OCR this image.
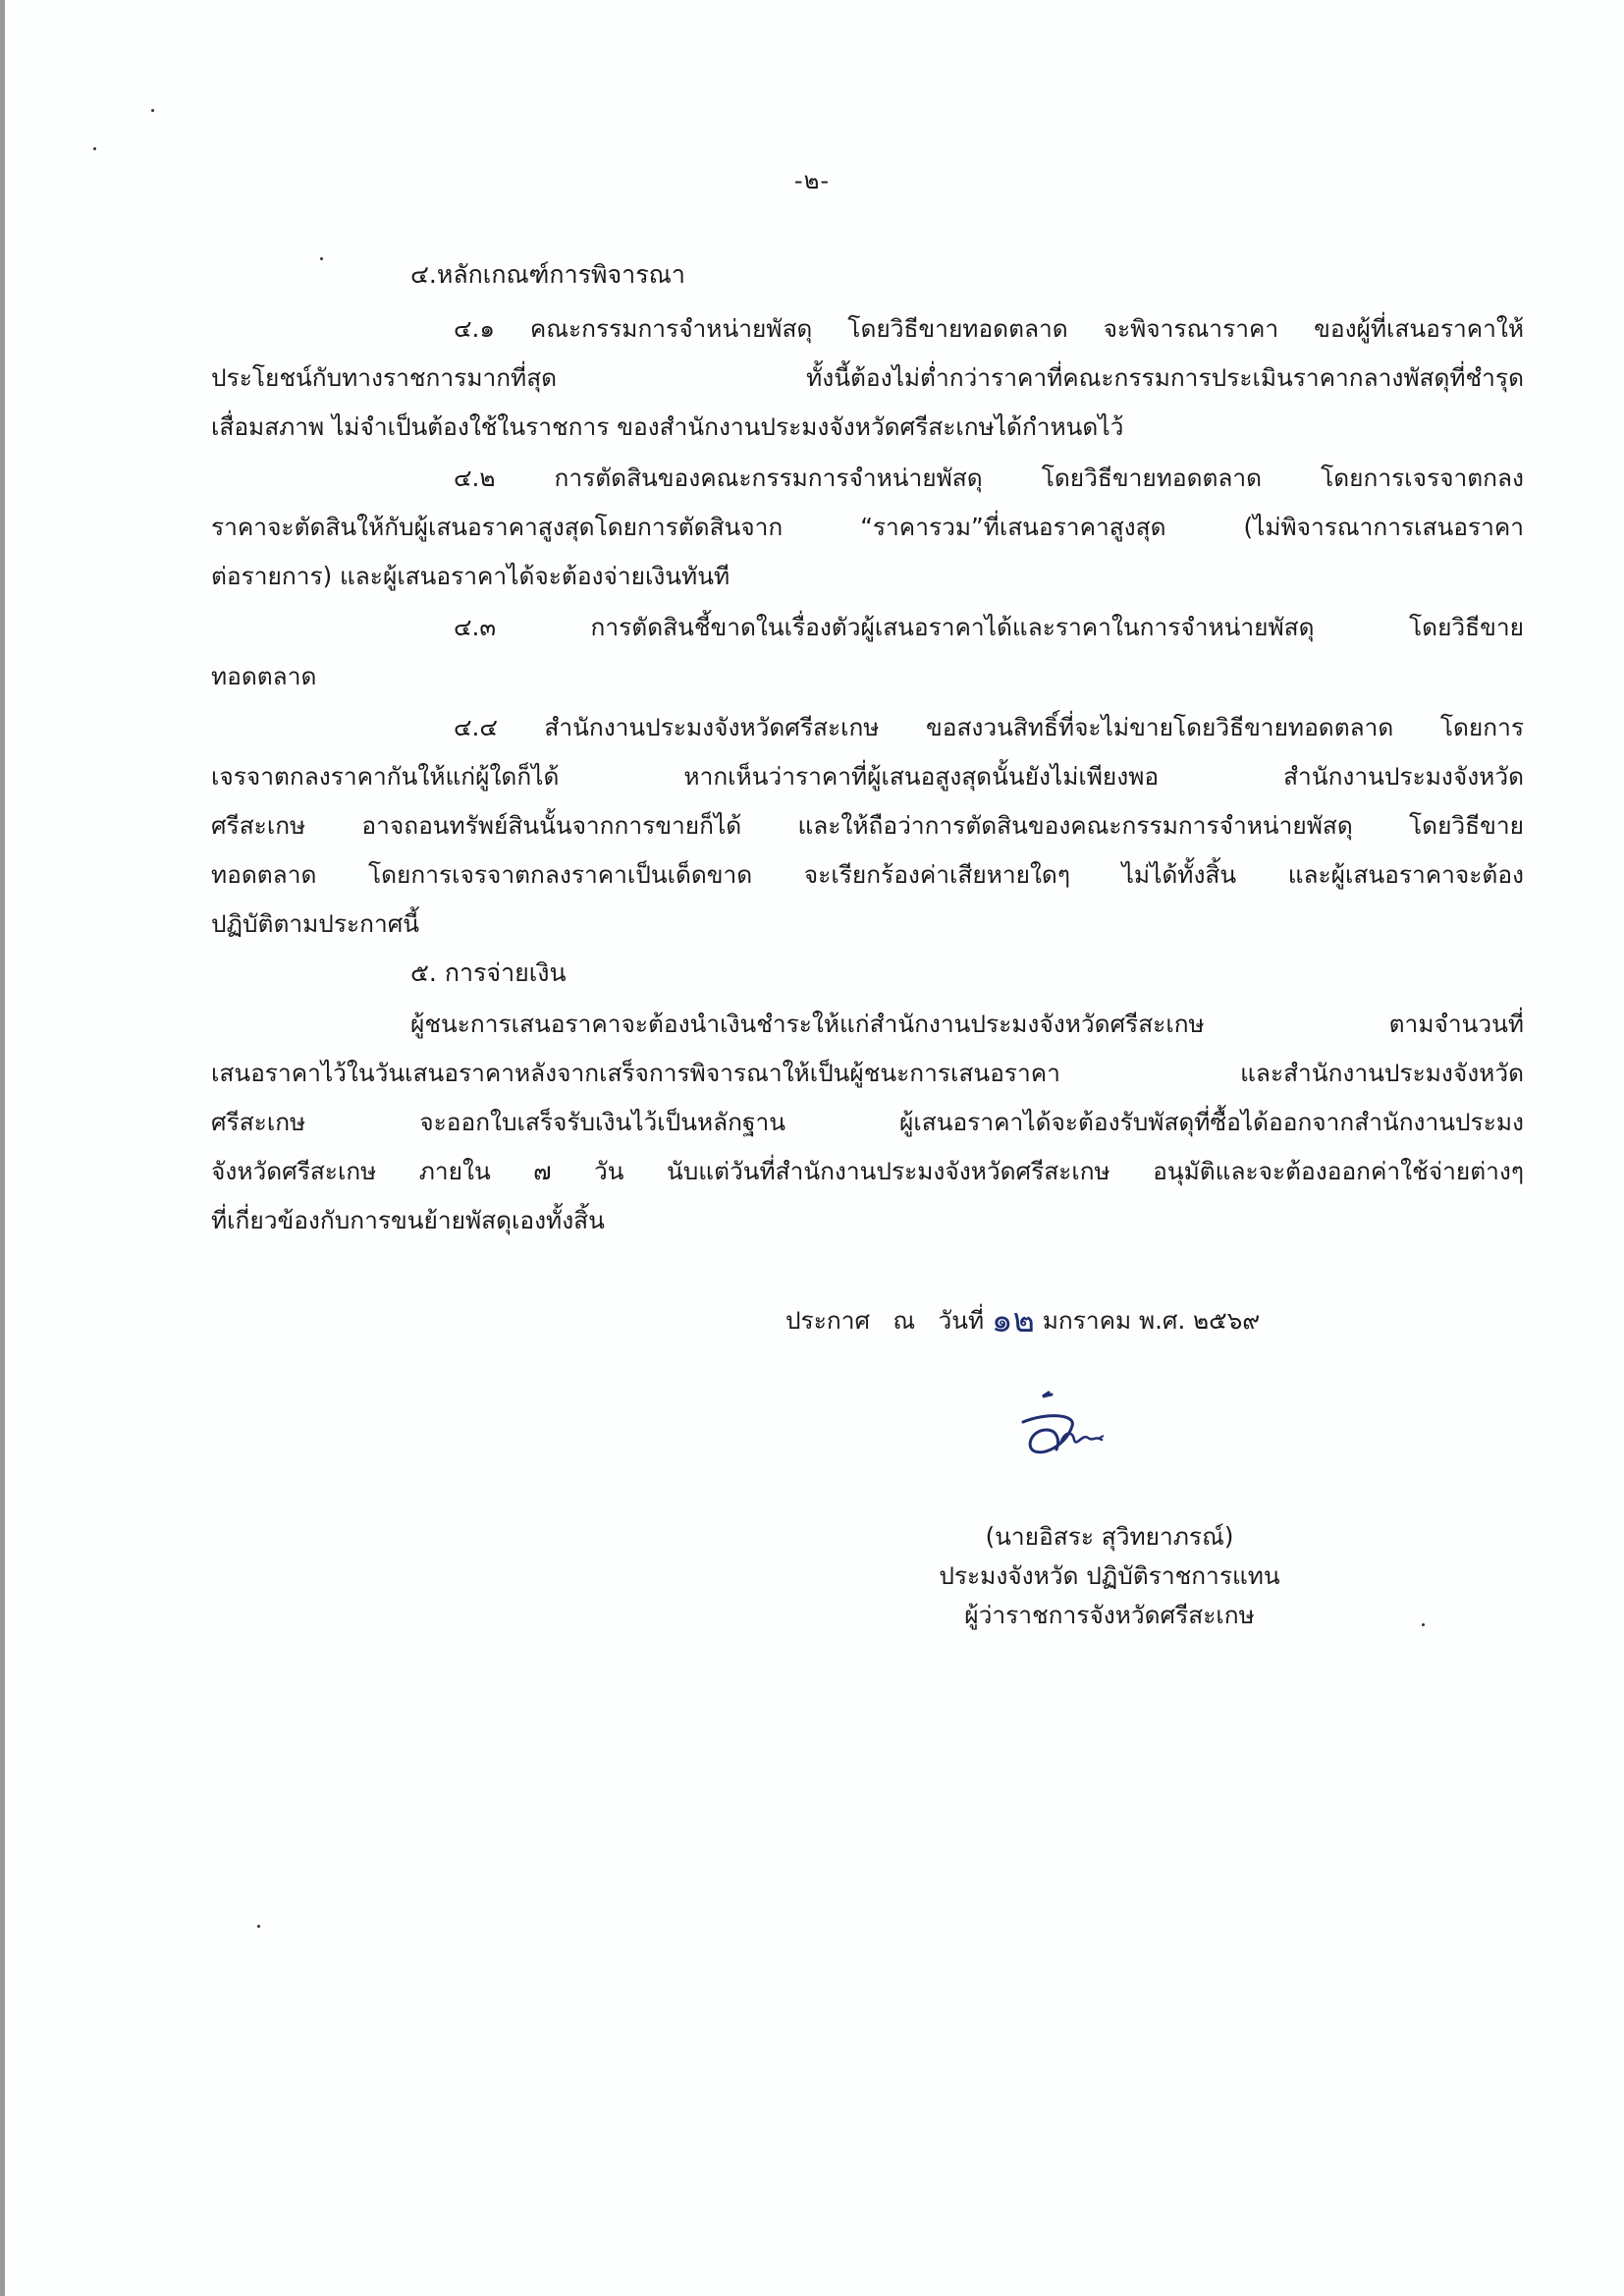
-๒-
๔.หลักเกณฑ์การพิจารณา
๔.๑ คณะกรรมการจำหน่ายพัสดุ โดยวิธีขายทอดตลาด จะพิจารณาราคา ของผู้ที่เสนอราคาให้
ประโยชน์กับทางราชการมากที่สุด ทั้งนี้ต้องไม่ต่ำกว่าราคาที่คณะกรรมการประเมินราคากลางพัสดุที่ชำรุด
เสื่อมสภาพ ไม่จำเป็นต้องใช้ในราชการ ของสำนักงานประมงจังหวัดศรีสะเกษได้กำหนดไว้
๔.๒ การตัดสินของคณะกรรมการจำหน่ายพัสดุ โดยวิธีขายทอดตลาด โดยการเจรจาตกลง
ราคาจะตัดสินให้กับผู้เสนอราคาสูงสุดโดยการตัดสินจาก “ราคารวม”ที่เสนอราคาสูงสุด (ไม่พิจารณาการเสนอราคา
ต่อรายการ) และผู้เสนอราคาได้จะต้องจ่ายเงินทันที
๔.๓ การตัดสินชี้ขาดในเรื่องตัวผู้เสนอราคาได้และราคาในการจำหน่ายพัสดุ โดยวิธีขาย
ทอดตลาด
๔.๔ สำนักงานประมงจังหวัดศรีสะเกษ ขอสงวนสิทธิ์ที่จะไม่ขายโดยวิธีขายทอดตลาด โดยการ
เจรจาตกลงราคากันให้แก่ผู้ใดก็ได้ หากเห็นว่าราคาที่ผู้เสนอสูงสุดนั้นยังไม่เพียงพอ สำนักงานประมงจังหวัด
ศรีสะเกษ อาจถอนทรัพย์สินนั้นจากการขายก็ได้ และให้ถือว่าการตัดสินของคณะกรรมการจำหน่ายพัสดุ โดยวิธีขาย
ทอดตลาด โดยการเจรจาตกลงราคาเป็นเด็ดขาด จะเรียกร้องค่าเสียหายใดๆ ไม่ได้ทั้งสิ้น และผู้เสนอราคาจะต้อง
ปฏิบัติตามประกาศนี้
๕. การจ่ายเงิน
ผู้ชนะการเสนอราคาจะต้องนำเงินชำระให้แก่สำนักงานประมงจังหวัดศรีสะเกษ ตามจำนวนที่
เสนอราคาไว้ในวันเสนอราคาหลังจากเสร็จการพิจารณาให้เป็นผู้ชนะการเสนอราคา และสำนักงานประมงจังหวัด
ศรีสะเกษ จะออกใบเสร็จรับเงินไว้เป็นหลักฐาน ผู้เสนอราคาได้จะต้องรับพัสดุที่ซื้อได้ออกจากสำนักงานประมง
จังหวัดศรีสะเกษ ภายใน ๗ วัน นับแต่วันที่สำนักงานประมงจังหวัดศรีสะเกษ อนุมัติและจะต้องออกค่าใช้จ่ายต่างๆ
ที่เกี่ยวข้องกับการขนย้ายพัสดุเองทั้งสิ้น
ประกาศ   ณ   วันที่ ๑๒ มกราคม พ.ศ. ๒๕๖๙
(นายอิสระ สุวิทยาภรณ์)
ประมงจังหวัด ปฏิบัติราชการแทน
ผู้ว่าราชการจังหวัดศรีสะเกษ
